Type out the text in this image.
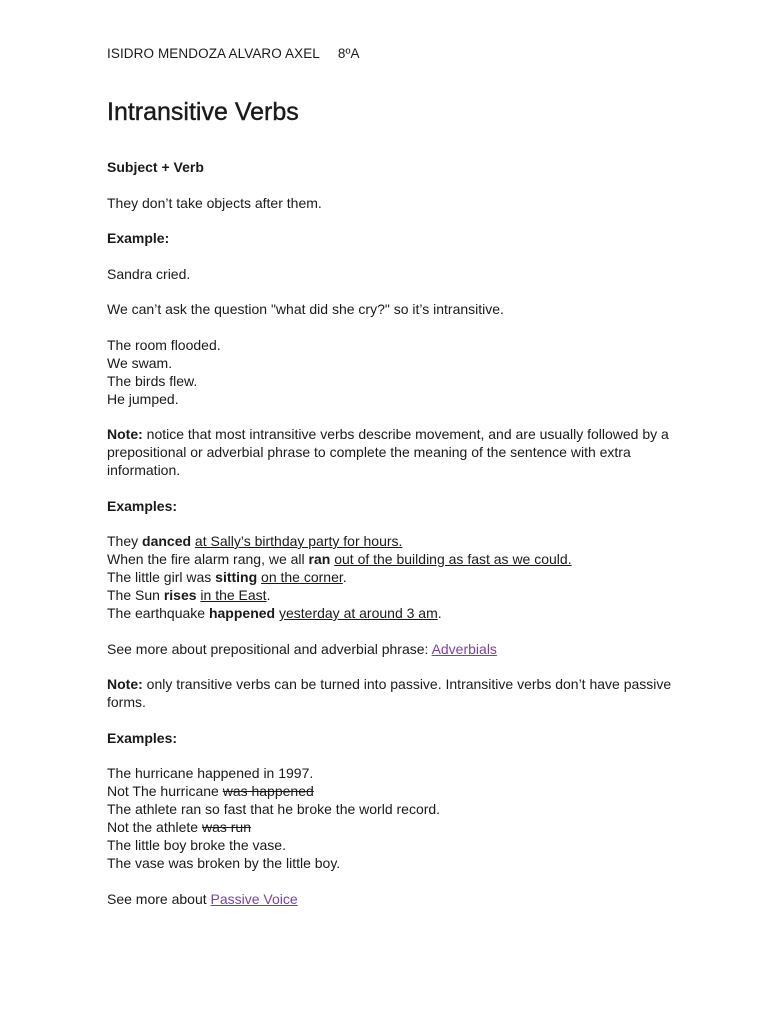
ISIDRO MENDOZA ALVARO AXEL 8ºA
Intransitive Verbs

Subject + Verb

They don’t take objects after them.

Example:

Sandra cried.

We can’t ask the question "what did she cry?" so it’s intransitive.

The room flooded.
We swam.
The birds flew.
He jumped.

Note: notice that most intransitive verbs describe movement, and are usually followed by a prepositional or adverbial phrase to complete the meaning of the sentence with extra information.

Examples:

They danced at Sally’s birthday party for hours.
When the fire alarm rang, we all ran out of the building as fast as we could.
The little girl was sitting on the corner.
The Sun rises in the East.
The earthquake happened yesterday at around 3 am.

See more about prepositional and adverbial phrase: Adverbials

Note: only transitive verbs can be turned into passive. Intransitive verbs don’t have passive forms.

Examples:

The hurricane happened in 1997.
Not The hurricane was happened
The athlete ran so fast that he broke the world record.
Not the athlete was run
The little boy broke the vase.
The vase was broken by the little boy.

See more about Passive Voice
